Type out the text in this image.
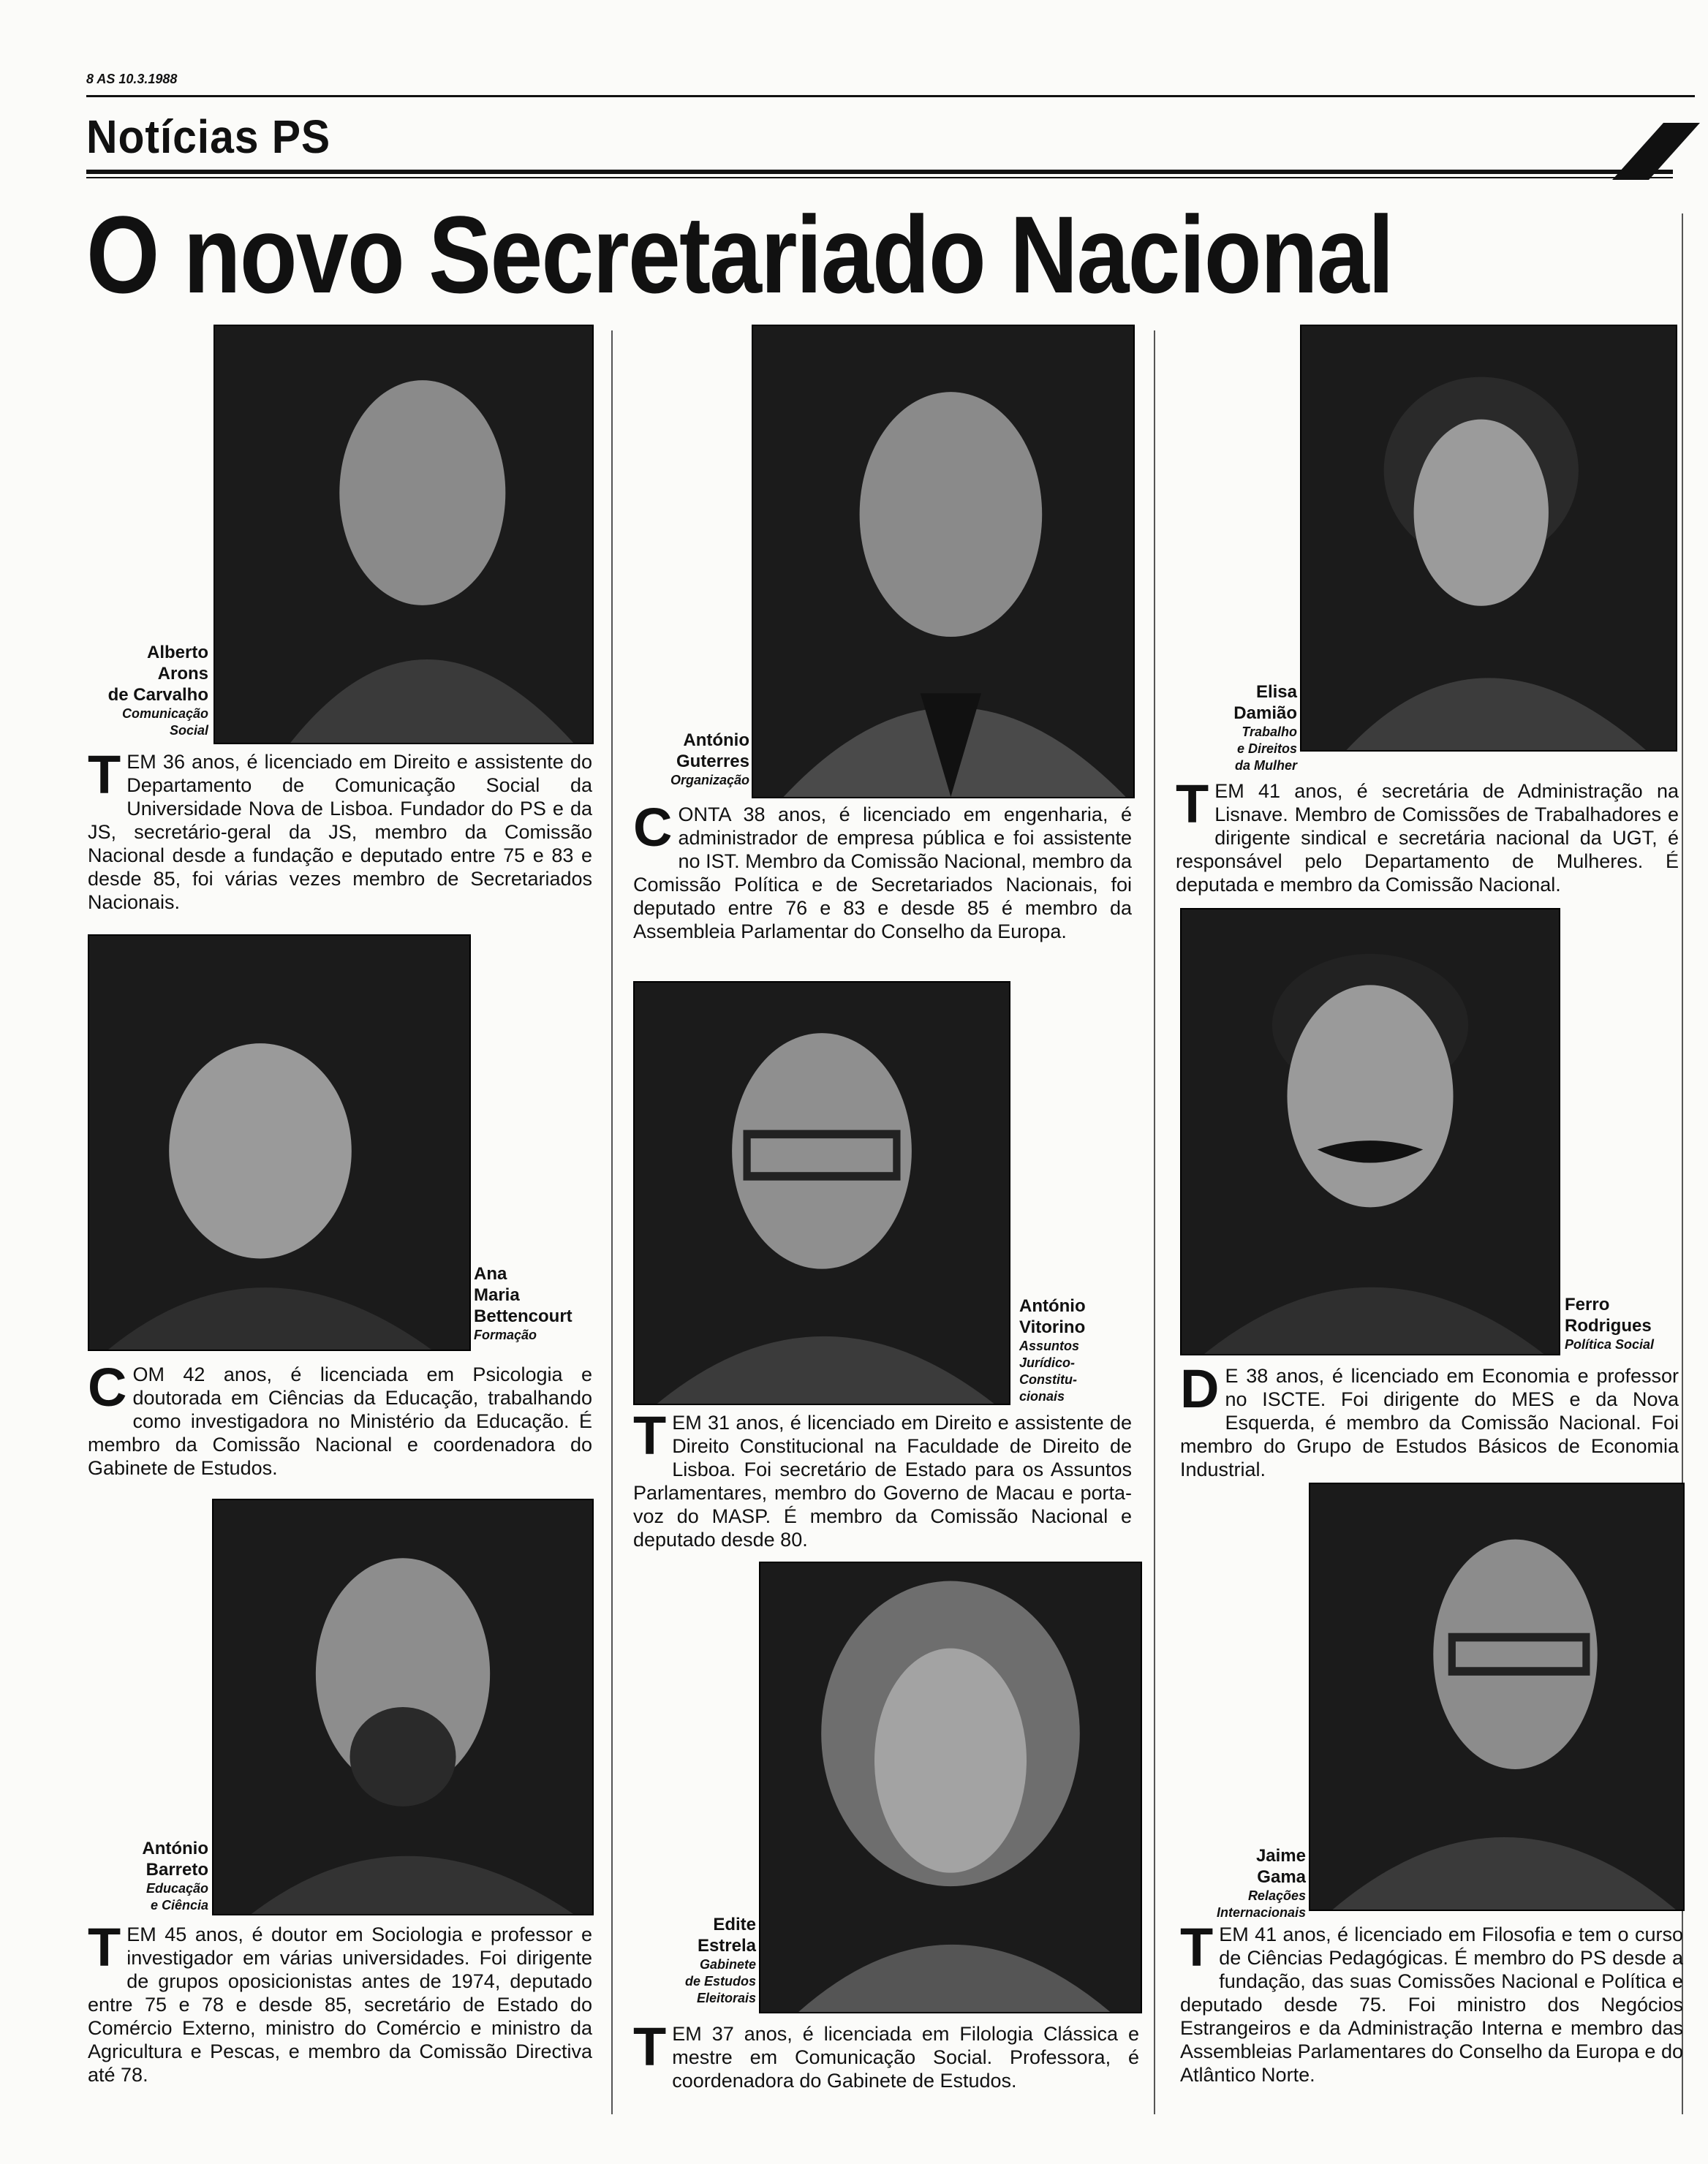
8 AS 10.3.1988
Notícias PS
O novo Secretariado Nacional
Alberto
Arons
de Carvalho
Comunicação
Social
TEM 36 anos, é licenciado em Direito e assistente do Departamento de Comunicação Social da Universidade Nova de Lisboa. Fundador do PS e da JS, secretário-geral da JS, membro da Comissão Nacional desde a fundação e deputado entre 75 e 83 e desde 85, foi várias vezes membro de Secretariados Nacionais.
Ana
Maria
Bettencourt
Formação
COM 42 anos, é licenciada em Psicologia e doutorada em Ciências da Educação, trabalhando como investigadora no Ministério da Educação. É membro da Comissão Nacional e coordenadora do Gabinete de Estudos.
António
Barreto
Educação
e Ciência
TEM 45 anos, é doutor em Sociologia e professor e investigador em várias universidades. Foi dirigente de grupos oposicionistas antes de 1974, deputado entre 75 e 78 e desde 85, secretário de Estado do Comércio Externo, ministro do Comércio e ministro da Agricultura e Pescas, e membro da Comissão Directiva até 78.
António
Guterres
Organização
CONTA 38 anos, é licenciado em engenharia, é administrador de empresa pública e foi assistente no IST. Membro da Comissão Nacional, membro da Comissão Política e de Secretariados Nacionais, foi deputado entre 76 e 83 e desde 85 é membro da Assembleia Parlamentar do Conselho da Europa.
António
Vitorino
Assuntos
Jurídico-
Constitu-
cionais
TEM 31 anos, é licenciado em Direito e assistente de Direito Constitucional na Faculdade de Direito de Lisboa. Foi secretário de Estado para os Assuntos Parlamentares, membro do Governo de Macau e porta-voz do MASP. É membro da Comissão Nacional e deputado desde 80.
Edite
Estrela
Gabinete
de Estudos
Eleitorais
TEM 37 anos, é licenciada em Filologia Clássica e mestre em Comunicação Social. Professora, é coordenadora do Gabinete de Estudos.
Elisa
Damião
Trabalho
e Direitos
da Mulher
TEM 41 anos, é secretária de Administração na Lisnave. Membro de Comissões de Trabalhadores e dirigente sindical e secretária nacional da UGT, é responsável pelo Departamento de Mulheres. É deputada e membro da Comissão Nacional.
Ferro
Rodrigues
Política Social
D E 38 anos, é licenciado em Economia e professor no ISCTE. Foi dirigente do MES e da Nova Esquerda, é membro da Comissão Nacional. Foi membro do Grupo de Estudos Básicos de Economia Industrial.
Jaime
Gama
Relações
Internacionais
TEM 41 anos, é licenciado em Filosofia e tem o curso de Ciências Pedagógicas. É membro do PS desde a fundação, das suas Comissões Nacional e Política e deputado desde 75. Foi ministro dos Negócios Estrangeiros e da Administração Interna e membro das Assembleias Parlamentares do Conselho da Europa e do Atlântico Norte.
